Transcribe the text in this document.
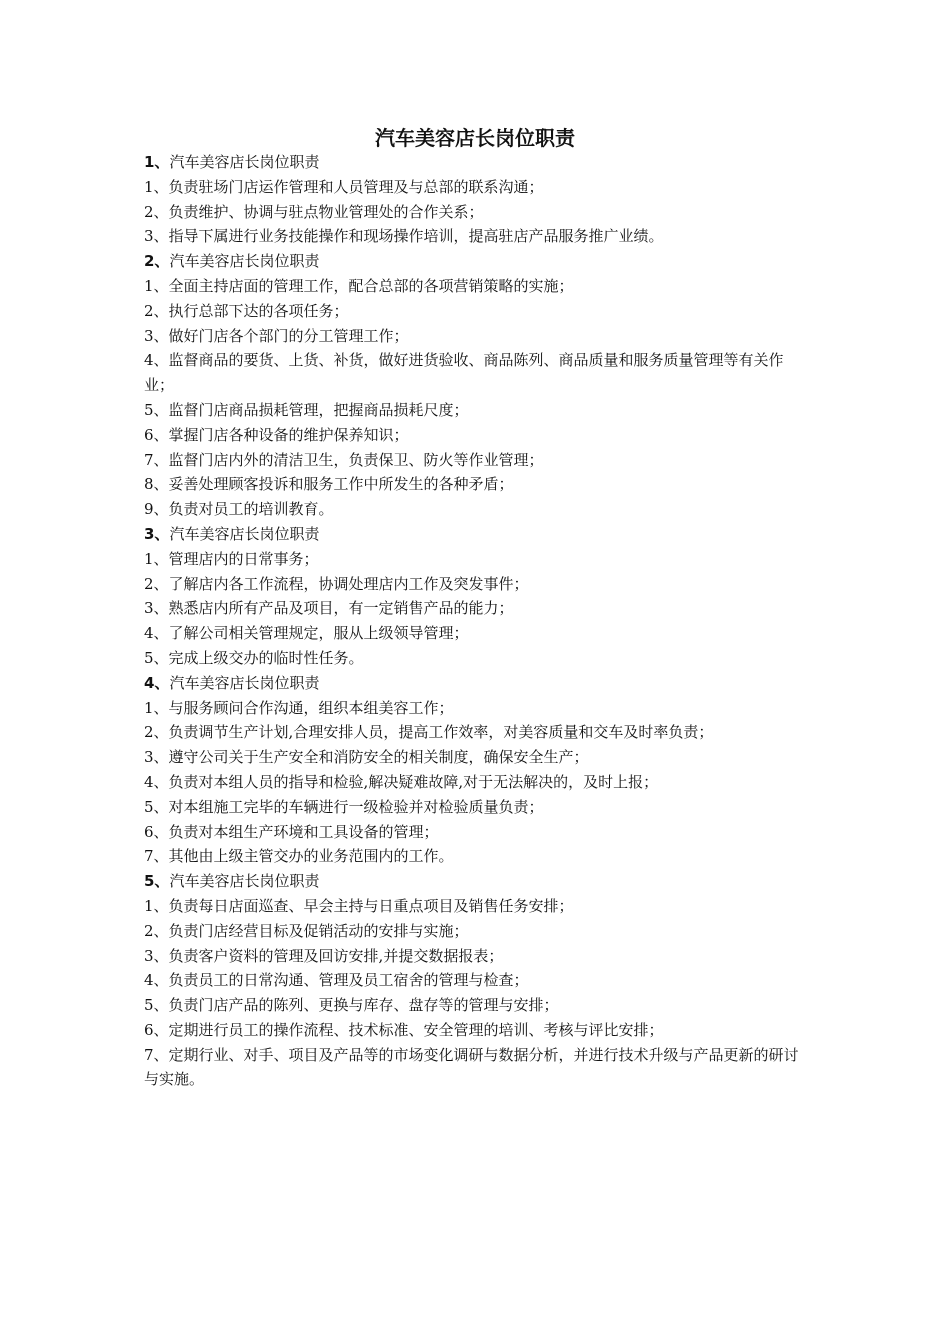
汽车美容店长岗位职责
1、汽车美容店长岗位职责
1、负责驻场门店运作管理和人员管理及与总部的联系沟通；
2、负责维护、协调与驻点物业管理处的合作关系；
3、指导下属进行业务技能操作和现场操作培训，提高驻店产品服务推广业绩。
2、汽车美容店长岗位职责
1、全面主持店面的管理工作，配合总部的各项营销策略的实施；
2、执行总部下达的各项任务；
3、做好门店各个部门的分工管理工作；
4、监督商品的要货、上货、补货，做好进货验收、商品陈列、商品质量和服务质量管理等有关作业；
5、监督门店商品损耗管理，把握商品损耗尺度；
6、掌握门店各种设备的维护保养知识；
7、监督门店内外的清洁卫生，负责保卫、防火等作业管理；
8、妥善处理顾客投诉和服务工作中所发生的各种矛盾；
9、负责对员工的培训教育。
3、汽车美容店长岗位职责
1、管理店内的日常事务；
2、了解店内各工作流程，协调处理店内工作及突发事件；
3、熟悉店内所有产品及项目，有一定销售产品的能力；
4、了解公司相关管理规定，服从上级领导管理；
5、完成上级交办的临时性任务。
4、汽车美容店长岗位职责
1、与服务顾问合作沟通，组织本组美容工作；
2、负责调节生产计划,合理安排人员，提高工作效率，对美容质量和交车及时率负责；
3、遵守公司关于生产安全和消防安全的相关制度，确保安全生产；
4、负责对本组人员的指导和检验,解决疑难故障,对于无法解决的，及时上报；
5、对本组施工完毕的车辆进行一级检验并对检验质量负责；
6、负责对本组生产环境和工具设备的管理；
7、其他由上级主管交办的业务范围内的工作。
5、汽车美容店长岗位职责
1、负责每日店面巡查、早会主持与日重点项目及销售任务安排；
2、负责门店经营目标及促销活动的安排与实施；
3、负责客户资料的管理及回访安排,并提交数据报表；
4、负责员工的日常沟通、管理及员工宿舍的管理与检查；
5、负责门店产品的陈列、更换与库存、盘存等的管理与安排；
6、定期进行员工的操作流程、技术标准、安全管理的培训、考核与评比安排；
7、定期行业、对手、项目及产品等的市场变化调研与数据分析，并进行技术升级与产品更新的研讨与实施。
